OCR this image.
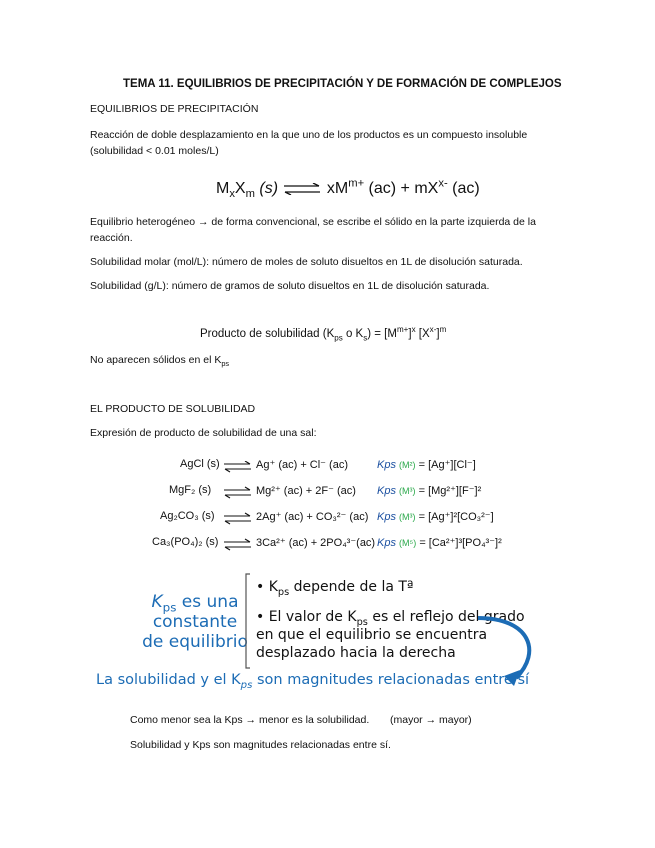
TEMA 11. EQUILIBRIOS DE PRECIPITACIÓN Y DE FORMACIÓN DE COMPLEJOS
EQUILIBRIOS DE PRECIPITACIÓN
Reacción de doble desplazamiento en la que uno de los productos es un compuesto insoluble
(solubilidad < 0.01 moles/L)
$M_xX_m$ (s) ⇌ $xM^{m+}$ $(ac) + mX^{x-}$ (ac)
Equilibrio heterogéneo → de forma convencional, se escribe el sólido en la parte izquierda de la
reacción.
Solubilidad molar (mol/L): número de moles de soluto disueltos en 1L de disolución saturada.
Solubilidad (g/L): número de gramos de soluto disueltos en 1L de disolución saturada.
Producto de solubilidad ($K_{ps}$ o $K_s) = [M^{m+}]^x$ $[X^{x-}]^m$
No aparecen sólidos en el $K_{ps}$
EL PRODUCTO DE SOLUBILIDAD
Expresión de producto de solubilidad de una sal:
AgCl (s)
MgF₂ (s)
Ag₂CO₃ (s)
Ca₃(PO₄)₂ (s)
Ag⁺ (ac) + Cl⁻ (ac)
Mg²⁺ (ac) + 2F⁻ (ac)
2Ag⁺ (ac) + CO₃²⁻ (ac)
3Ca²⁺ (ac) + 2PO₄³⁻(ac)
Kps (M²) = [Ag⁺][Cl⁻]
Kps (M³) = [Mg²⁺][F⁻]²
Kps (M³) = [Ag⁺]²[CO₃²⁻]
Kps (M⁵) = [Ca²⁺]³[PO₄³⁻]²
$K_{ps}$ es una
constante
de equilibrio
• $K_{ps}$ depende de la Tª
• El valor de $K_{ps}$ es el reflejo del grado
en que el equilibrio se encuentra
desplazado hacia la derecha
La solubilidad y el $K_{ps}$ son magnitudes relacionadas entre sí
Como menor sea la Kps → menor es la solubilidad. (mayor → mayor)
Solubilidad y Kps son magnitudes relacionadas entre sí.
